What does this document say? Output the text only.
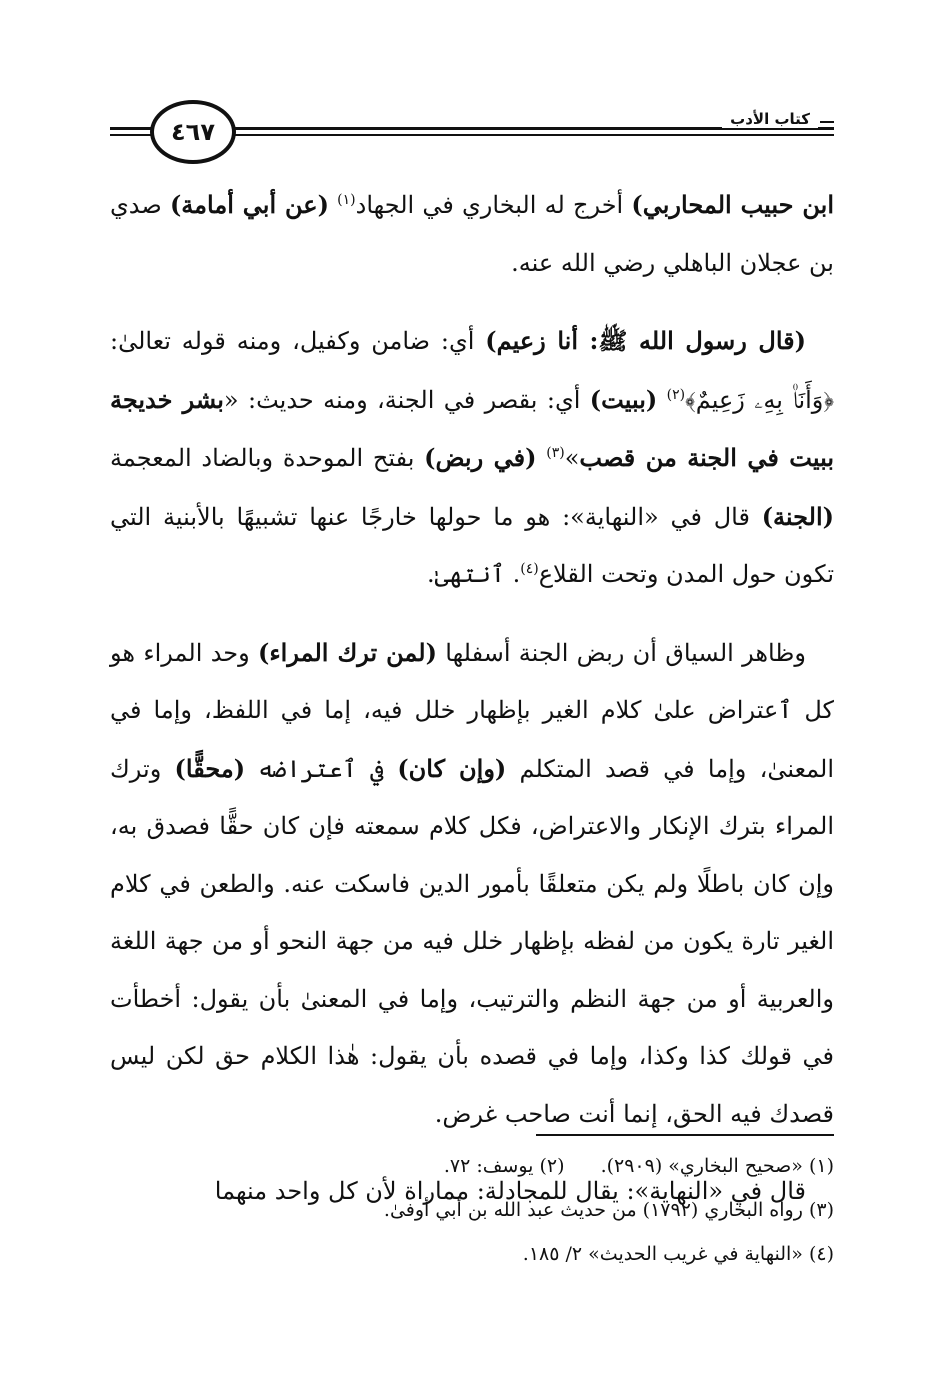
كتاب الأدب
٤٦٧

ابن حبيب المحاربي) أخرج له البخاري في الجهاد$^{(١)}$ (عن أبي أمامة) صدي بن عجلان الباهلي رضي الله عنه.

(قال رسول الله ﷺ: أنا زعيم) أي: ضامن وكفيل، ومنه قوله تعالىٰ: ﴿وَأَنَا۠ بِهِۦ زَعِيمٌ﴾$^{(٢)}$ (ببيت) أي: بقصر في الجنة، ومنه حديث: «بشر خديجة ببيت في الجنة من قصب»$^{(٣)}$ (في ربض) بفتح الموحدة وبالضاد المعجمة (الجنة) قال في «النهاية»: هو ما حولها خارجًا عنها تشبيهًا بالأبنية التي تكون حول المدن وتحت القلاع$^{(٤)}$. ٱنتهىٰ.

وظاهر السياق أن ربض الجنة أسفلها (لمن ترك المراء) وحد المراء هو كل ٱعتراض علىٰ كلام الغير بإظهار خلل فيه، إما في اللفظ، وإما في المعنىٰ، وإما في قصد المتكلم (وإن كان) في ٱعتراضه (محقًّا) وترك المراء بترك الإنكار والاعتراض، فكل كلام سمعته فإن كان حقًّا فصدق به، وإن كان باطلًا ولم يكن متعلقًا بأمور الدين فاسكت عنه. والطعن في كلام الغير تارة يكون من لفظه بإظهار خلل فيه من جهة النحو أو من جهة اللغة والعربية أو من جهة النظم والترتيب، وإما في المعنىٰ بأن يقول: أخطأت في قولك كذا وكذا، وإما في قصده بأن يقول: هٰذا الكلام حق لكن ليس قصدك فيه الحق، إنما أنت صاحب غرض.

قال في «النهاية»: يقال للمجادلة: مماراة لأن كل واحد منهما

(١) «صحيح البخاري» (٢٩٠٩).
(٢) يوسف: ٧٢.
(٣) رواه البخاري (١٧٩٢) من حديث عبد الله بن أبي أوفىٰ.
(٤) «النهاية في غريب الحديث» ٢/ ١٨٥.
